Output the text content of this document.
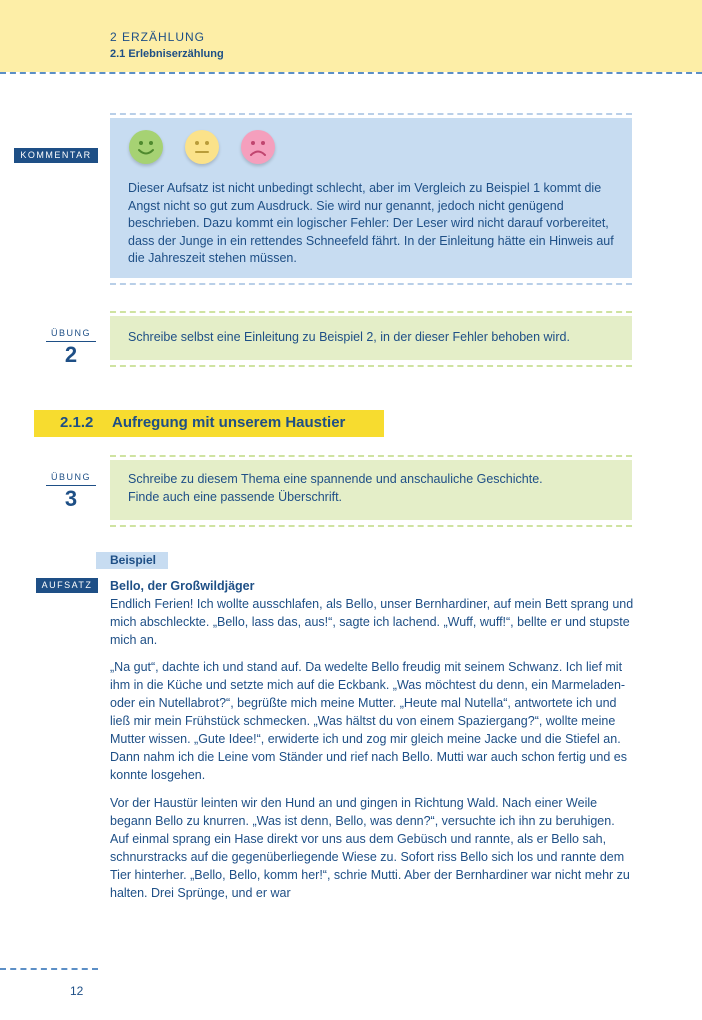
2 ERZÄHLUNG
2.1 Erlebniserzählung
KOMMENTAR
Dieser Aufsatz ist nicht unbedingt schlecht, aber im Vergleich zu Beispiel 1 kommt die Angst nicht so gut zum Ausdruck. Sie wird nur genannt, jedoch nicht genügend beschrieben. Dazu kommt ein logischer Fehler: Der Leser wird nicht darauf vorbereitet, dass der Junge in ein rettendes Schneefeld fährt. In der Einleitung hätte ein Hinweis auf die Jahreszeit stehen müssen.
ÜBUNG
2
Schreibe selbst eine Einleitung zu Beispiel 2, in der dieser Fehler behoben wird.
2.1.2 Aufregung mit unserem Haustier
ÜBUNG
3
Schreibe zu diesem Thema eine spannende und anschauliche Geschichte.
Finde auch eine passende Überschrift.
Beispiel
AUFSATZ	Bello, der Großwildjäger
Endlich Ferien! Ich wollte ausschlafen, als Bello, unser Bernhardiner, auf mein Bett sprang und mich abschleckte. „Bello, lass das, aus!“, sagte ich lachend. „Wuff, wuff!“, bellte er und stupste mich an.
„Na gut“, dachte ich und stand auf. Da wedelte Bello freudig mit seinem Schwanz. Ich lief mit ihm in die Küche und setzte mich auf die Eckbank. „Was möchtest du denn, ein Marmeladen- oder ein Nutellabrot?“, begrüßte mich meine Mutter. „Heute mal Nutella“, antwortete ich und ließ mir mein Frühstück schmecken. „Was hältst du von einem Spaziergang?“, wollte meine Mutter wissen. „Gute Idee!“, erwiderte ich und zog mir gleich meine Jacke und die Stiefel an. Dann nahm ich die Leine vom Ständer und rief nach Bello. Mutti war auch schon fertig und es konnte losgehen.
Vor der Haustür leinten wir den Hund an und gingen in Richtung Wald. Nach einer Weile begann Bello zu knurren. „Was ist denn, Bello, was denn?“, versuchte ich ihn zu beruhigen. Auf einmal sprang ein Hase direkt vor uns aus dem Gebüsch und rannte, als er Bello sah, schnurstracks auf die gegenüberliegende Wiese zu. Sofort riss Bello sich los und rannte dem Tier hinterher. „Bello, Bello, komm her!“, schrie Mutti. Aber der Bernhardiner war nicht mehr zu halten. Drei Sprünge, und er war
12
